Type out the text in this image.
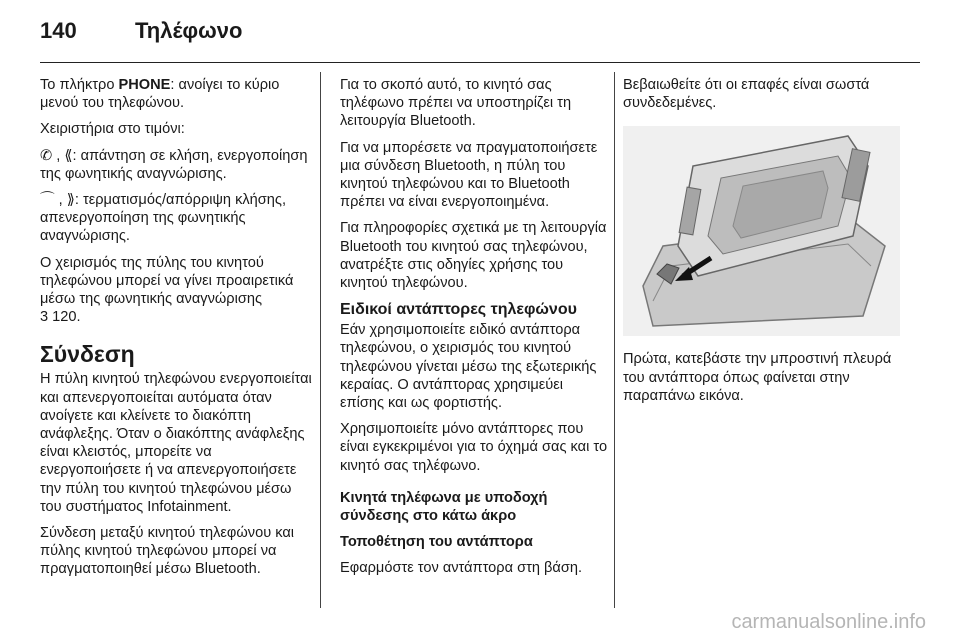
140	Τηλέφωνο

Το πλήκτρο PHONE: ανοίγει το κύριο μενού του τηλεφώνου.

Χειριστήρια στο τιμόνι:

✆ , ⟪: απάντηση σε κλήση, ενεργοποίηση της φωνητικής αναγνώρισης.

⌒ , ⟫: τερματισμός/απόρριψη κλήσης, απενεργοποίηση της φωνητικής αναγνώρισης.

Ο χειρισμός της πύλης του κινητού τηλεφώνου μπορεί να γίνει προαιρετικά μέσω της φωνητικής αναγνώρισης
3 120.

Σύνδεση

Η πύλη κινητού τηλεφώνου ενεργοποιείται και απενεργοποιείται αυτόματα όταν ανοίγετε και κλείνετε το διακόπτη ανάφλεξης. Όταν ο διακόπτης ανάφλεξης είναι κλειστός, μπορείτε να ενεργοποιήσετε ή να απενεργοποιήσετε την πύλη του κινητού τηλεφώνου μέσω του συστήματος Infotainment.

Σύνδεση μεταξύ κινητού τηλεφώνου και πύλης κινητού τηλεφώνου μπορεί να πραγματοποιηθεί μέσω Bluetooth.

Για το σκοπό αυτό, το κινητό σας τηλέφωνο πρέπει να υποστηρίζει τη λειτουργία Bluetooth.

Για να μπορέσετε να πραγματοποιήσετε μια σύνδεση Bluetooth, η πύλη του κινητού τηλεφώνου και το Bluetooth πρέπει να είναι ενεργοποιημένα.

Για πληροφορίες σχετικά με τη λειτουργία Bluetooth του κινητού σας τηλεφώνου, ανατρέξτε στις οδηγίες χρήσης του κινητού τηλεφώνου.

Ειδικοί αντάπτορες τηλεφώνου

Εάν χρησιμοποιείτε ειδικό αντάπτορα τηλεφώνου, ο χειρισμός του κινητού τηλεφώνου γίνεται μέσω της εξωτερικής κεραίας. Ο αντάπτορας χρησιμεύει επίσης και ως φορτιστής.

Χρησιμοποιείτε μόνο αντάπτορες που είναι εγκεκριμένοι για το όχημά σας και το κινητό σας τηλέφωνο.

Κινητά τηλέφωνα με υποδοχή σύνδεσης στο κάτω άκρο

Τοποθέτηση του αντάπτορα

Εφαρμόστε τον αντάπτορα στη βάση.

Βεβαιωθείτε ότι οι επαφές είναι σωστά συνδεδεμένες.

Πρώτα, κατεβάστε την μπροστινή πλευρά του αντάπτορα όπως φαίνεται στην παραπάνω εικόνα.

carmanualsonline.info
